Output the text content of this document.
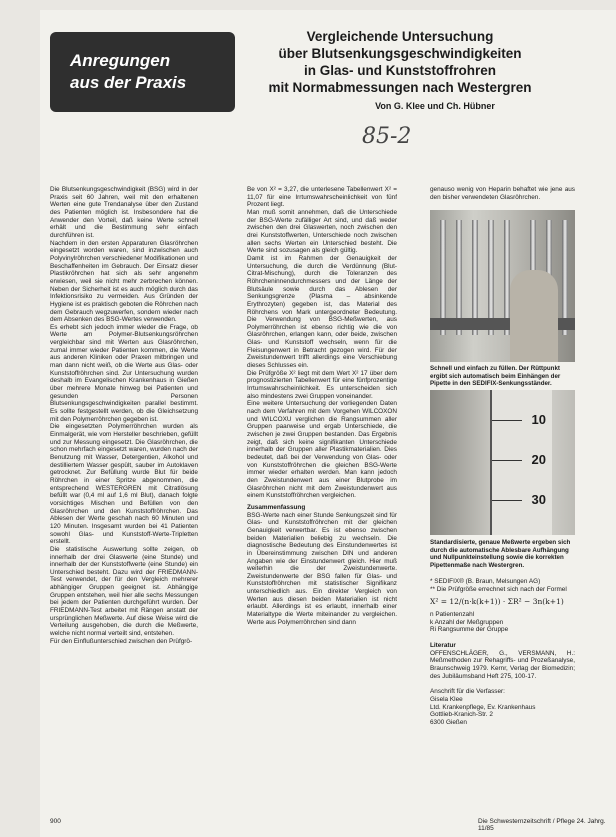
Anregungen
aus der Praxis
Vergleichende Untersuchung
über Blutsenkungsgeschwindigkeiten
in Glas- und Kunststoffrohren
mit Normabmessungen nach Westergren
Von G. Klee und Ch. Hübner
85-2

Die Blutsenkungsgeschwindigkeit (BSG) wird in der Praxis seit 60 Jahren, weil mit den erhaltenen Werten eine gute Trendanalyse über den Zustand des Patienten möglich ist. Insbesondere hat die Anwender den Vorteil, daß keine Werte schnell erhält und die Bestimmung sehr einfach durchführen ist.

Nachdem in den ersten Apparaturen Glasröhrchen eingesetzt worden waren, sind inzwischen auch Polyvinylröhrchen verschiedener Modifikationen und Beschaffenheiten im Gebrauch. Der Einsatz dieser Plastikröhrchen hat sich als sehr angenehm erwiesen, weil sie nicht mehr zerbrechen können. Neben der Sicherheit ist es auch möglich durch das Infektionsrisiko zu vermeiden. Aus Gründen der Hygiene ist es praktisch geboten die Röhrchen nach dem Gebrauch wegzuwerfen, sondern wieder nach dem Absenken des BSG-Wertes verwenden.

Es erhebt sich jedoch immer wieder die Frage, ob Werte am Polymer-Blutsenkungsröhrchen vergleichbar sind mit Werten aus Glasröhrchen, zumal immer wieder Patienten kommen, die Werte aus anderen Kliniken oder Praxen mitbringen und man dann nicht weiß, ob die Werte aus Glas- oder Kunststoffröhrchen sind. Zur Untersuchung wurden deshalb im Evangelischen Krankenhaus in Gießen über mehrere Monate hinweg bei Patienten und gesunden Personen Blutsenkungsgeschwindigkeiten parallel bestimmt. Es sollte festgestellt werden, ob die Gleichsetzung mit den Polymerröhrchen gegeben ist.

Die eingesetzten Polymerröhrchen wurden als Einmalgerät, wie vom Hersteller beschrieben, gefüllt und zur Messung eingesetzt. Die Glasröhrchen, die schon mehrfach eingesetzt waren, wurden nach der Benutzung mit Wasser, Detergentien, Alkohol und destilliertem Wasser gespült, sauber im Autoklaven getrocknet. Zur Befüllung wurde Blut für beide Röhrchen in einer Spritze abgenommen, die entsprechend WESTERGREN mit Citratlösung befüllt war (0,4 ml auf 1,6 ml Blut), danach folgte vorsichtiges Mischen und Befüllen von den Glasröhrchen und den Kunststoffröhrchen. Das Ablesen der Werte geschah nach 60 Minuten und 120 Minuten. Insgesamt wurden bei 41 Patienten sowohl Glas- und Kunststoff-Werte-Tripletten erstellt.

Die statistische Auswertung sollte zeigen, ob innerhalb der drei Glaswerte (eine Stunde) und innerhalb der der Kunststoffwerte (eine Stunde) ein Unterschied besteht. Dazu wird der FRIEDMANN-Test verwendet, der für den Vergleich mehrerer abhängiger Gruppen geeignet ist. Abhängige Gruppen entstehen, weil hier alle sechs Messungen bei jedem der Patienten durchgeführt wurden. Der FRIEDMANN-Test arbeitet mit Rängen anstatt der ursprünglichen Meßwerte. Auf diese Weise wird die Verteilung ausgehoben, die durch die Meßwerte, welche nicht normal verteilt sind, entstehen.

Für den Einflußunterschied zwischen den Prüfgrö-

Be von X² = 3,27, die unterlesene Tabellenwert X² = 11,07 für eine Irrtumswahrscheinlichkeit von fünf Prozent liegt.

Man muß somit annehmen, daß die Unterschiede der BSG-Werte zufälliger Art sind, und daß weder zwischen den drei Glaswerten, noch zwischen den drei Kunststoffwerten, Unterschiede noch zwischen allen sechs Werten ein Unterschied besteht. Die Werte sind sozusagen als gleich gültig.

Damit ist im Rahmen der Genauigkeit der Untersuchung, die durch die Verdünnung (Blut-Citrat-Mischung), durch die Toleranzen des Röhrcheninnendurchmessers und der Länge der Blutsäule sowie durch das Ablesen der Senkungsgrenze (Plasma – absinkende Erythrozyten) gegeben ist, das Material des Röhrchens von Mark untergeordneter Bedeutung. Die Verwendung von BSG-Meßwerten, aus Polymerröhrchen ist ebenso richtig wie die von Glasröhrchen, erlangen kann, oder beide, zwischen Glas- und Kunststoff wechseln, wenn für die Fleisungenwert in Betracht gezogen wird. Für der Zweistundenwert trifft allerdings eine Verschiebung dieses Schlusses ein.

Die Prüfgröße X² liegt mit dem Wert X² 17 über dem prognostizierten Tabellenwert für eine fünfprozentige Irrtumswahrscheinlichkeit. Es unterscheiden sich also mindestens zwei Gruppen voneinander.

Eine weitere Untersuchung der vorliegenden Daten nach dem Verfahren mit dem Vorgehen WILCOXON und WILCOXU verglichen die Rangsummen aller Gruppen paarweise und ergab Unterschiede, die zwischen je zwei Gruppen bestanden. Das Ergebnis zeigt, daß sich keine signifikanten Unterschiede innerhalb der Gruppen aller Plastikmaterialien. Dies bedeutet, daß bei der Verwendung von Glas- oder von Kunststoffröhrchen die gleichen BSG-Werte immer wieder erhalten werden. Man kann jedoch den Zweistundenwert aus einer Blutprobe im Glasröhrchen nicht mit dem Zweistundenwert aus einem Kunststoffröhrchen vergleichen.

Zusammenfassung

BSG-Werte nach einer Stunde Senkungszeit sind für Glas- und Kunststoffröhrchen mit der gleichen Genauigkeit verwertbar. Es ist ebenso zwischen beiden Materialien beliebig zu wechseln. Die diagnostische Bedeutung des Einstundenwertes ist in Übereinstimmung zwischen DIN und anderen Angaben wie der Einstundenwert gleich. Hier muß weiterhin die der Zweistundenwerte. Zweistundenwerte der BSG fallen für Glas- und Kunststoffröhrchen mit statistischer Signifikanz unterschiedlich aus. Ein direkter Vergleich von Werten aus diesen beiden Materialien ist nicht erlaubt. Allerdings ist es erlaubt, innerhalb einer Materialtype die Werte miteinander zu vergleichen. Werte aus Polymerröhrchen sind dann

genauso wenig von Heparin behaftet wie jene aus den bisher verwendeten Glasröhrchen.

Schnell und einfach zu füllen. Der Rüttpunkt ergibt sich automatisch beim Einhängen der Pipette in den SEDIFIX-Senkungsständer.
10
20
30
Standardisierte, genaue Meßwerte ergeben sich durch die automatische Ablesbare Aufhängung und Nullpunkteinstellung sowie die korrekten Pipettenmaße nach Westergren.

* SEDIFIX® (B. Braun, Melsungen AG)

** Die Prüfgröße errechnet sich nach der Formel

X² = 12/(n·k(k+1)) · ΣR² − 3n(k+1)

n Patientenzahl

k Anzahl der Meßgruppen

Ri Rangsumme der Gruppe

Literatur

OFFENSCHLÄGER, G., VERSMANN, H.: Meßmethoden zur Rehagriffs- und Prozeßanalyse, Braunschweig 1979. Kernr, Verlag der Biomedizin; des Jubiläumsband Heft 275, 100-17.

Anschrift für die Verfasser:

Gisela Klee

Ltd. Krankenpflege, Ev. Krankenhaus

Gottlieb-Kranich-Str. 2

6300 Gießen

900	Die Schwesternzeitschrift / Pflege 24. Jahrg. 11/85
